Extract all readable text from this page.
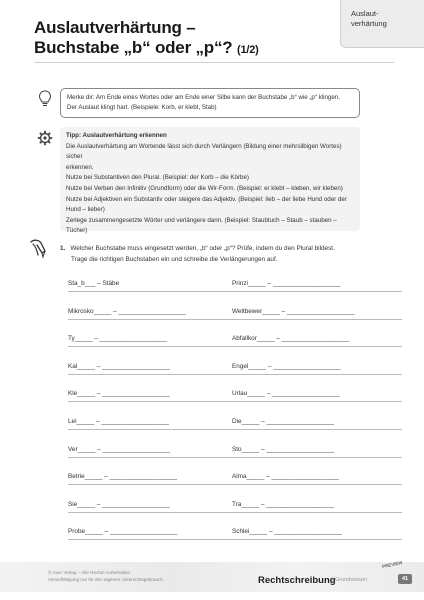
Auslaut-
verhärtung
Auslautverhärtung –
Buchstabe „b“ oder „p“? (1/2)
Merke dir: Am Ende eines Wortes oder am Ende einer Silbe kann der Buchstabe „b“ wie „p“ klingen.
Der Auslaut klingt hart. (Beispiele: Korb, er klebt, Stab)
Tipp: Auslautverhärtung erkennen
Die Auslautverhärtung am Wortende lässt sich durch Verlängern (Bildung einer mehrsilbigen Wortes) sicher
erkennen.
Nutze bei Substantiven den Plural. (Beispiel: der Korb – die Körbe)
Nutze bei Verben den Infinitiv (Grundform) oder die Wir-Form. (Beispiel: er klebt – kleben, wir kleben)
Nutze bei Adjektiven ein Substantiv oder steigere das Adjektiv. (Beispiel: lieb – der liebe Hund oder der
Hund – lieber)
Zerlege zusammengesetzte Wörter und verlängere dann. (Beispiel: Staubtuch – Staub – stauben – Tücher)
1. Welcher Buchstabe muss eingesetzt werden, „b“ oder „p“? Prüfe, indem du den Plural bildest.
Trage die richtigen Buchstaben ein und schreibe die Verlängerungen auf.
Sta_b___ – Stäbe
Mikrosko_____ – ___________________
Ty_____ – ___________________
Kal_____ – ___________________
Kle_____ – ___________________
Lei_____ – ___________________
Ver_____ – ___________________
Betrie_____ – ___________________
Sie_____ – ___________________
Probe_____ – ___________________
Prinzi_____ – ___________________
Weltbewer_____ – ___________________
Abfallkor_____ – ___________________
Engel_____ – ___________________
Urlau_____ – ___________________
Die_____ – ___________________
Sto_____ – ___________________
Alma_____ – ___________________
Tra_____ – ___________________
Schlei_____ – ___________________
© Auer Verlag – Alle Rechte vorbehalten
Vervielfältigung nur für den eigenen Unterrichtsgebrauch	Rechtschreibung
| Grundwissen
PREVIEW
41
